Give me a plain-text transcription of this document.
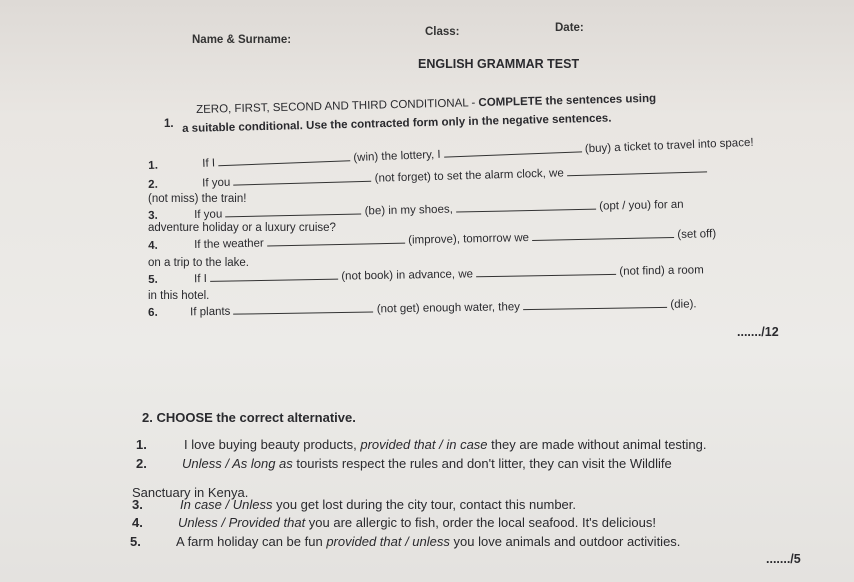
Name & Surname:
Class:	Date:
ENGLISH GRAMMAR TEST
1.
ZERO, FIRST, SECOND AND THIRD CONDITIONAL - COMPLETE the sentences using
a suitable conditional. Use the contracted form only in the negative sentences.
1.	If I	(win) the lottery, I  (buy) a ticket to travel into space!
2.	If you	(not forget) to set the alarm clock, we
(not miss) the train!
3.	If you	(be) in my shoes,	(opt / you) for an
adventure holiday or a luxury cruise?
4.	If the weather	(improve), tomorrow we	(set off)
on a trip to the lake.
5.	If I	(not book) in advance, we	(not find) a room
in this hotel.
6.	If plants	(not get) enough water, they	(die).
......./12
2. CHOOSE the correct alternative.
1.	I love buying beauty products, provided that / in case they are made without animal testing.
2.	Unless / As long as tourists respect the rules and don't litter, they can visit the Wildlife
Sanctuary in Kenya.
3.	In case / Unless you get lost during the city tour, contact this number.
4.	Unless / Provided that you are allergic to fish, order the local seafood. It's delicious!
5.	A farm holiday can be fun provided that / unless you love animals and outdoor activities.
......./5
